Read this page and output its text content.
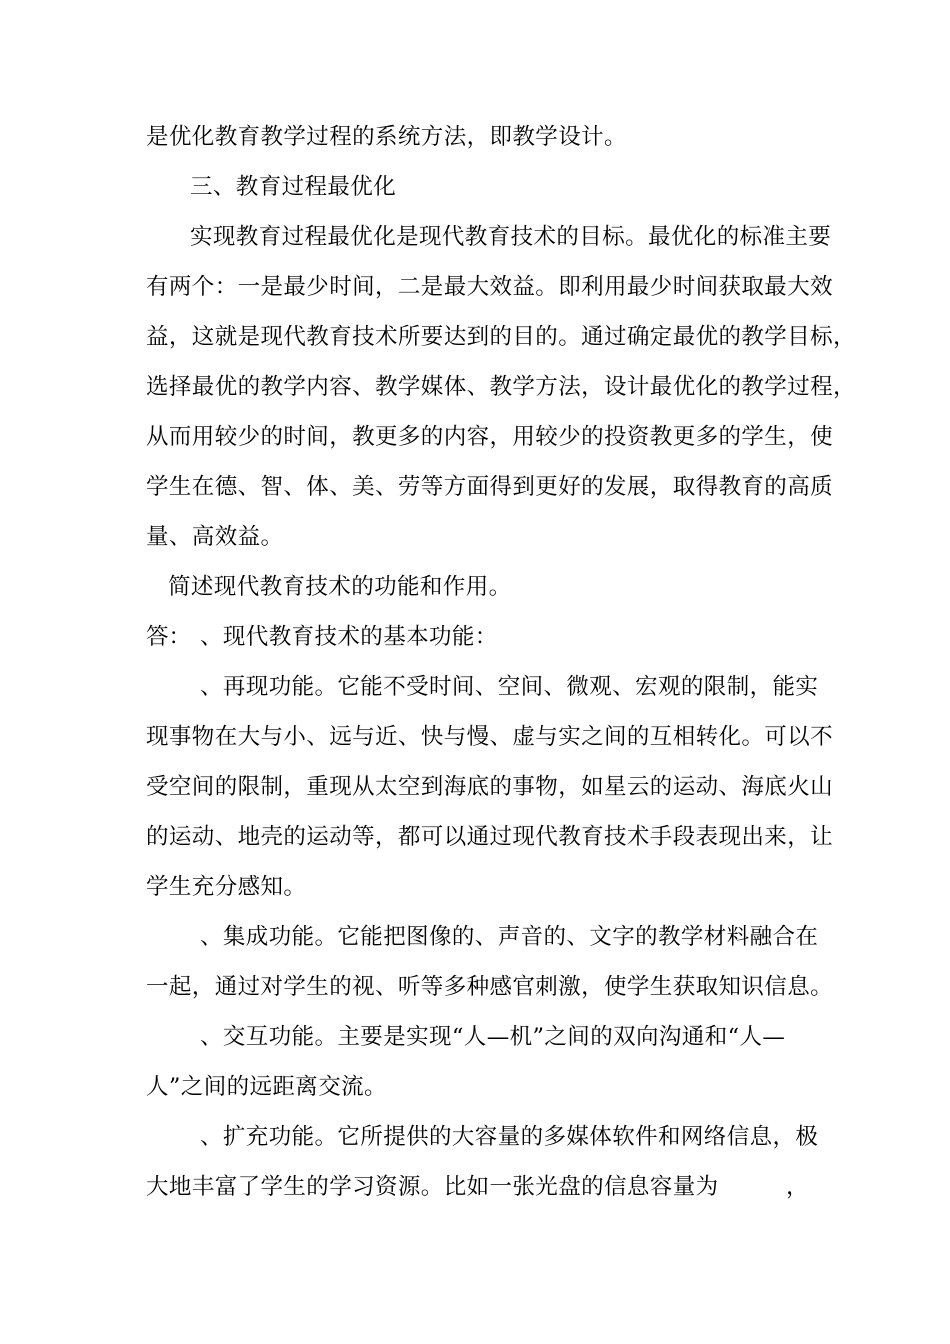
是优化教育教学过程的系统方法，即教学设计。
三、教育过程最优化
实现教育过程最优化是现代教育技术的目标。最优化的标准主要
有两个：一是最少时间，二是最大效益。即利用最少时间获取最大效
益，这就是现代教育技术所要达到的目的。通过确定最优的教学目标，
选择最优的教学内容、教学媒体、教学方法，设计最优化的教学过程，
从而用较少的时间，教更多的内容，用较少的投资教更多的学生，使
学生在德、智、体、美、劳等方面得到更好的发展，取得教育的高质
量、高效益。
简述现代教育技术的功能和作用。
答： 、现代教育技术的基本功能：
、再现功能。它能不受时间、空间、微观、宏观的限制，能实
现事物在大与小、远与近、快与慢、虚与实之间的互相转化。可以不
受空间的限制，重现从太空到海底的事物，如星云的运动、海底火山
的运动、地壳的运动等，都可以通过现代教育技术手段表现出来，让
学生充分感知。
、集成功能。它能把图像的、声音的、文字的教学材料融合在
一起，通过对学生的视、听等多种感官刺激，使学生获取知识信息。
、交互功能。主要是实现“人—机”之间的双向沟通和“人—
人”之间的远距离交流。
、扩充功能。它所提供的大容量的多媒体软件和网络信息，极
大地丰富了学生的学习资源。比如一张光盘的信息容量为	，
